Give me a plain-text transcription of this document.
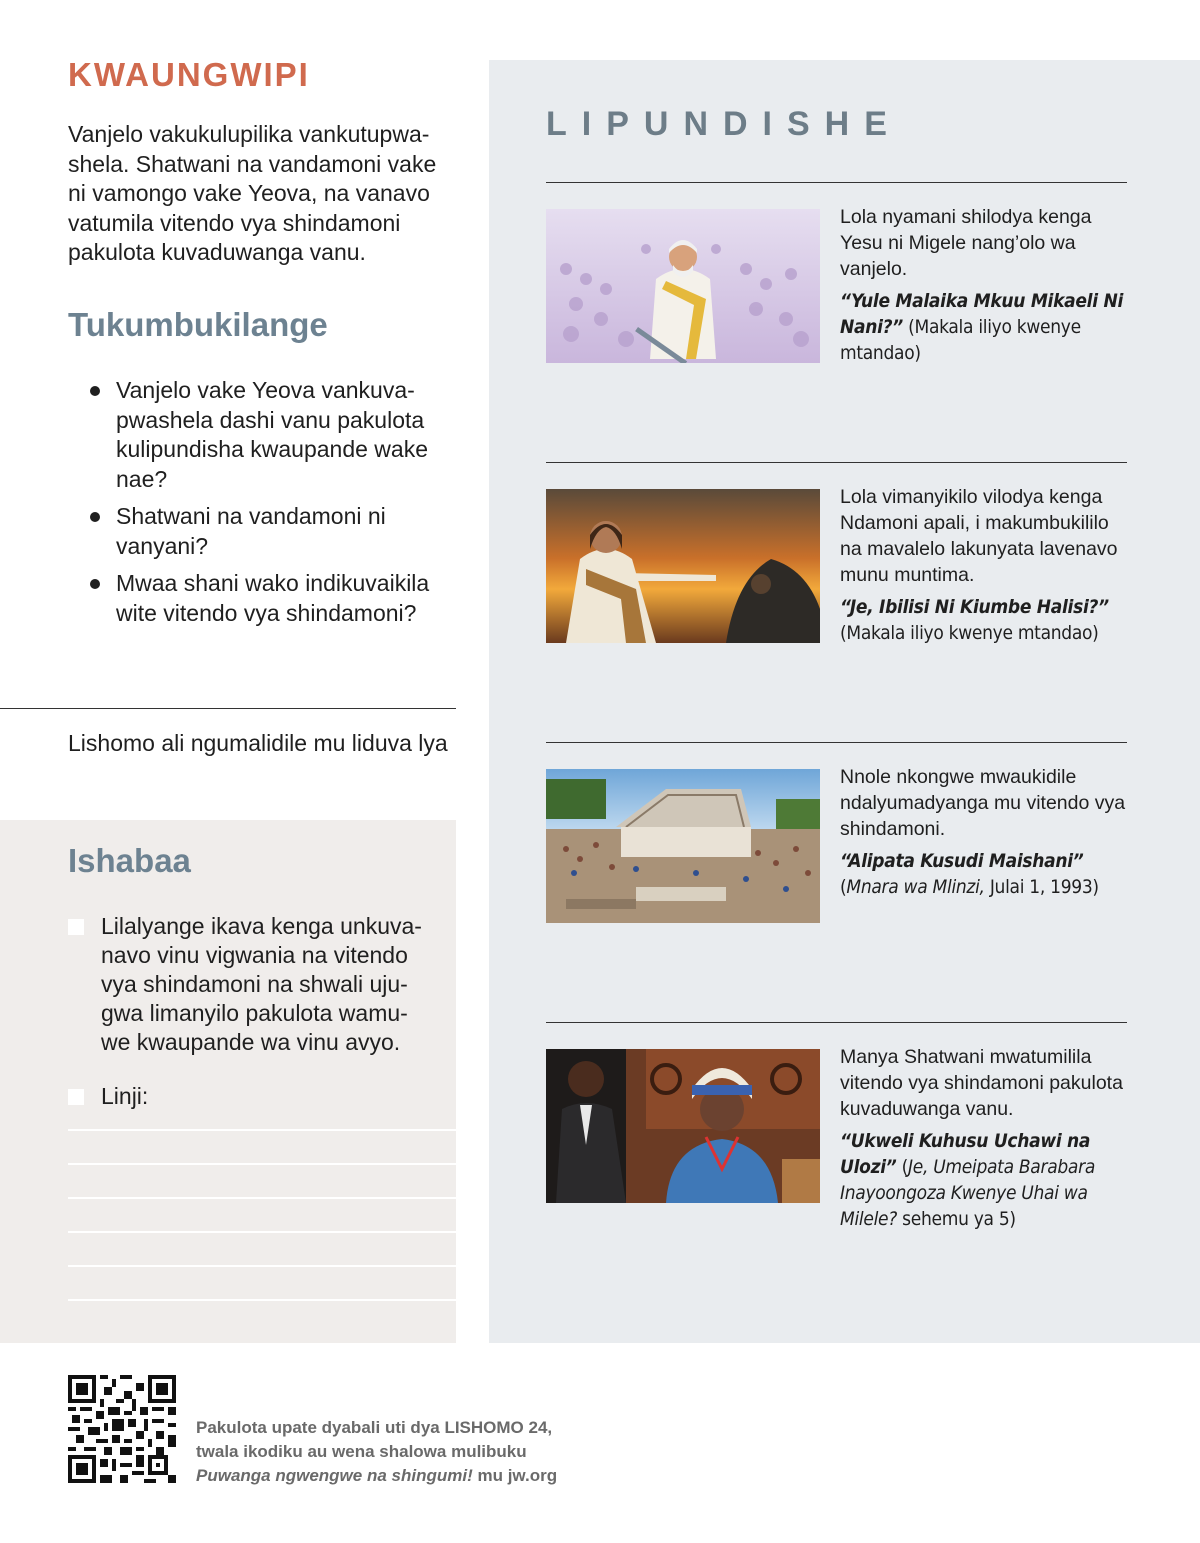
KWAUNGWIPI

Vanjelo vakukulupilika vankutupwashela. Shatwani na vandamoni vake ni vamongo vake Yeova, na vanavo vatumila vitendo vya shindamoni pakulota kuvaduwanga vanu.

Tukumbukilange
Vanjelo vake Yeova vankuvapwashela dashi vanu pakulota kulipundisha kwaupande wake nae?
Shatwani na vandamoni ni vanyani?
Mwaa shani wako indikuvaikila wite vitendo vya shindamoni?

Lishomo ali ngumalidile mu liduva lya

Ishabaa

Lilalyange ikava kenga unkuvanavo vinu vigwania na vitendo vya shindamoni na shwali ujugwa limanyilo pakulota wamuwe kwaupande wa vinu avyo.

Linji:

LIPUNDISHE

Lola nyamani shilodya kenga Yesu ni Migele nang’olo wa vanjelo.

“Yule Malaika Mkuu Mikaeli Ni Nani?” (Makala iliyo kwenye mtandao)

Lola vimanyikilo vilodya kenga Ndamoni apali, i makumbukililo na mavalelo lakunyata lavenavo munu muntima.

“Je, Ibilisi Ni Kiumbe Halisi?” (Makala iliyo kwenye mtandao)

Nnole nkongwe mwaukidile ndalyumadyanga mu vitendo vya shindamoni.

“Alipata Kusudi Maishani” (Mnara wa Mlinzi, Julai 1, 1993)

Manya Shatwani mwatumilila vitendo vya shindamoni pakulota kuvaduwanga vanu.

“Ukweli Kuhusu Uchawi na Ulozi” (Je, Umeipata Barabara Inayoongoza Kwenye Uhai wa Milele? sehemu ya 5)

Pakulota upate dyabali uti dya LISHOMO 24,
twala ikodiku au wena shalowa mulibuku
Puwanga ngwengwe na shingumi! mu jw.org
